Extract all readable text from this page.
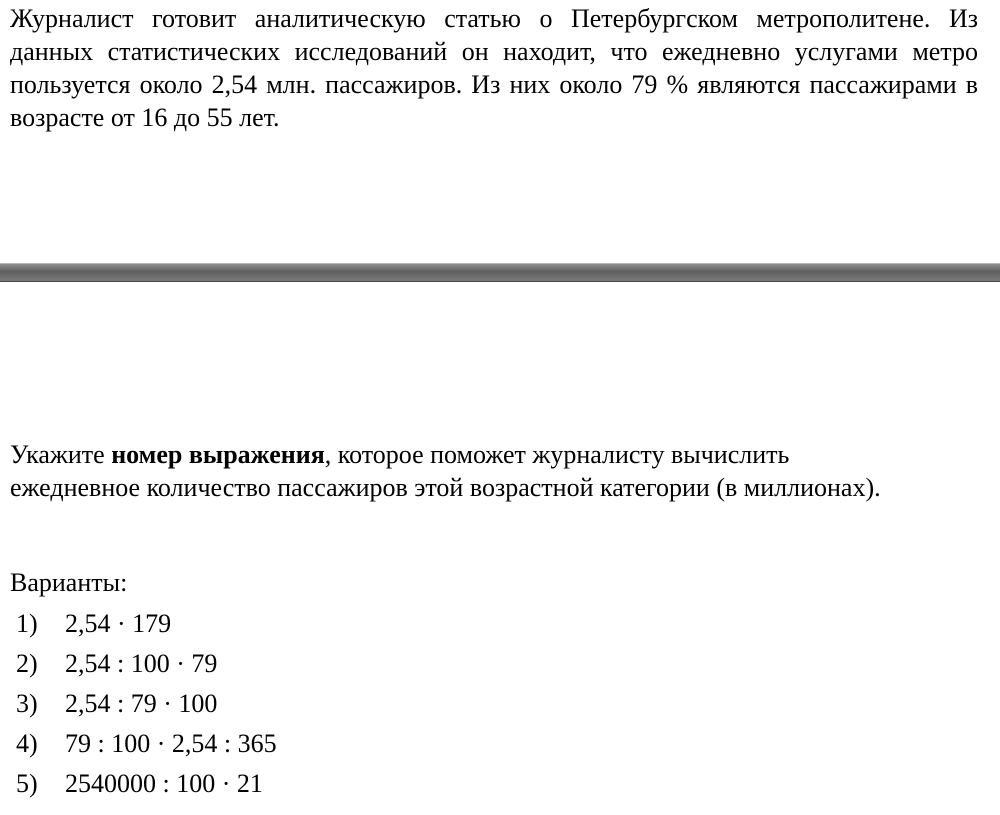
Журналист готовит аналитическую статью о Петербургском метрополитене. Из данных статистических исследований он находит, что ежедневно услугами метро пользуется около 2,54 млн. пассажиров. Из них около 79 % являются пассажирами в возрасте от 16 до 55 лет.

Укажите номер выражения, которое поможет журналисту вычислить ежедневное количество пассажиров этой возрастной категории (в миллионах).

Варианты:

1)	2,54 · 179
2)	2,54 : 100 · 79
3)	2,54 : 79 · 100
4)	79 : 100 · 2,54 : 365
5)	2540000 : 100 · 21
